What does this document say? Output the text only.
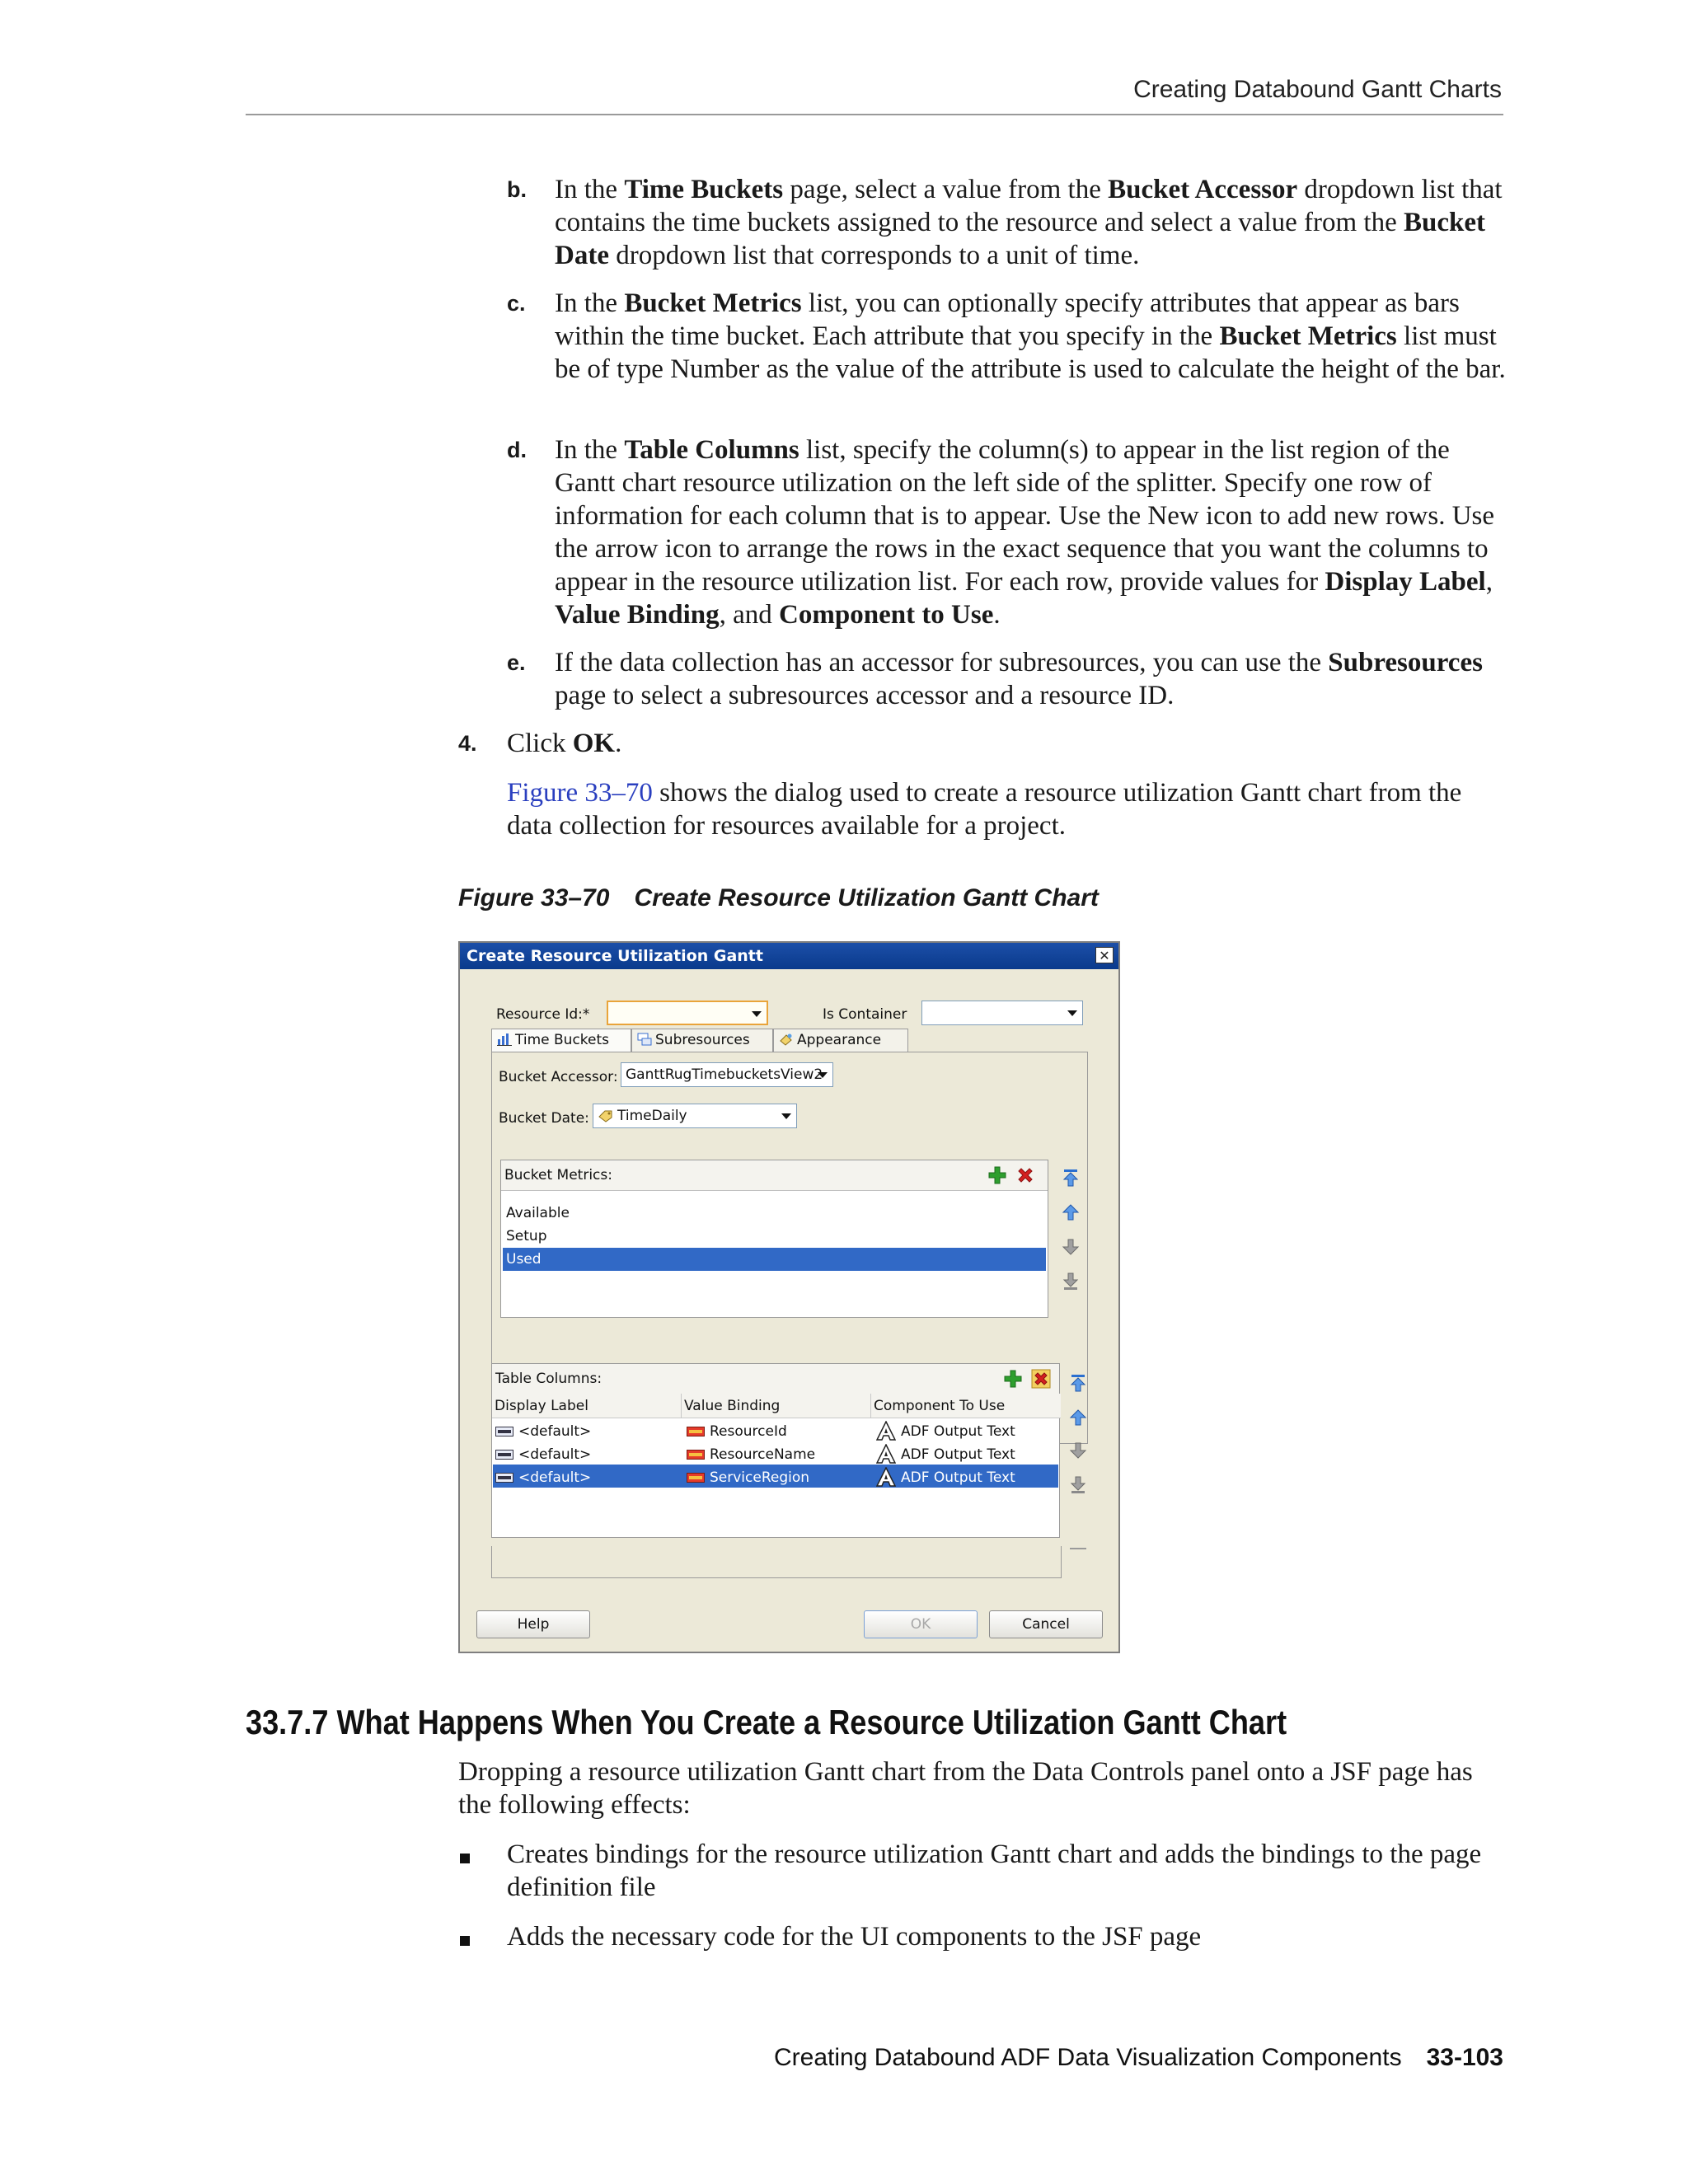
Creating Databound Gantt Charts
b. In the Time Buckets page, select a value from the Bucket Accessor dropdown list that contains the time buckets assigned to the resource and select a value from the Bucket Date dropdown list that corresponds to a unit of time.
c. In the Bucket Metrics list, you can optionally specify attributes that appear as bars within the time bucket. Each attribute that you specify in the Bucket Metrics list must be of type Number as the value of the attribute is used to calculate the height of the bar.
d. In the Table Columns list, specify the column(s) to appear in the list region of the Gantt chart resource utilization on the left side of the splitter. Specify one row of information for each column that is to appear. Use the New icon to add new rows. Use the arrow icon to arrange the rows in the exact sequence that you want the columns to appear in the resource utilization list. For each row, provide values for Display Label, Value Binding, and Component to Use.
e. If the data collection has an accessor for subresources, you can use the Subresources page to select a subresources accessor and a resource ID.
4. Click OK.
Figure 33–70 shows the dialog used to create a resource utilization Gantt chart from the data collection for resources available for a project.
Figure 33–70 Create Resource Utilization Gantt Chart
Create Resource Utilization Gantt	✕
Resource Id:*	Is Container
Time Buckets	Subresources	Appearance
Bucket Accessor: GanttRugTimebucketsView2
Bucket Date:	TimeDaily
Bucket Metrics:
Available
Setup
Used
Table Columns:
Display Label	Value Binding	Component To Use
<default>	ResourceId	ADF Output Text
<default>	ResourceName	ADF Output Text
<default>	ServiceRegion	ADF Output Text
Help	OK	Cancel
33.7.7 What Happens When You Create a Resource Utilization Gantt Chart
Dropping a resource utilization Gantt chart from the Data Controls panel onto a JSF page has the following effects:
Creates bindings for the resource utilization Gantt chart and adds the bindings to the page definition file
Adds the necessary code for the UI components to the JSF page
Creating Databound ADF Data Visualization Components 33-103
